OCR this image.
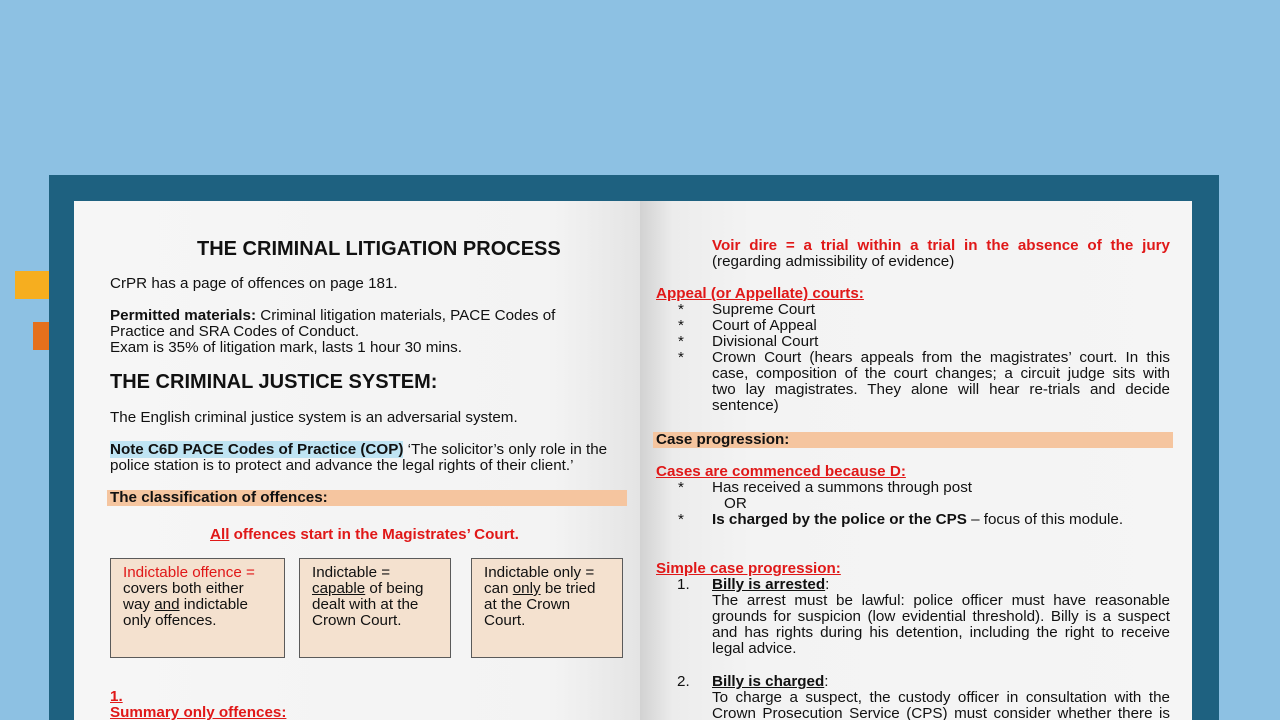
THE CRIMINAL LITIGATION PROCESS
CrPR has a page of offences on page 181.
Permitted materials: Criminal litigation materials, PACE Codes of
Practice and SRA Codes of Conduct.
Exam is 35% of litigation mark, lasts 1 hour 30 mins.
THE CRIMINAL JUSTICE SYSTEM:
The English criminal justice system is an adversarial system.
Note C6D PACE Codes of Practice (COP) ‘The solicitor’s only role in the
police station is to protect and advance the legal rights of their client.’
The classification of offences:
All offences start in the Magistrates’ Court.
Indictable offence =
covers both either
way and indictable
only offences.
Indictable =
capable of being
dealt with at the
Crown Court.
Indictable only =
can only be tried
at the Crown
Court.
1.
Summary only offences:
Voir dire = a trial within a trial in the absence of the jury
(regarding admissibility of evidence)
Appeal (or Appellate) courts:
* Supreme Court
* Court of Appeal
* Divisional Court
* Crown Court (hears appeals from the magistrates’ court. In this
case, composition of the court changes; a circuit judge sits with
two lay magistrates. They alone will hear re-trials and decide
sentence)
Case progression:
Cases are commenced because D:
* Has received a summons through post
OR
* Is charged by the police or the CPS – focus of this module.
Simple case progression:
1. Billy is arrested:
The arrest must be lawful: police officer must have reasonable
grounds for suspicion (low evidential threshold). Billy is a suspect
and has rights during his detention, including the right to receive
legal advice.
2. Billy is charged:
To charge a suspect, the custody officer in consultation with the
Crown Prosecution Service (CPS) must consider whether there is
